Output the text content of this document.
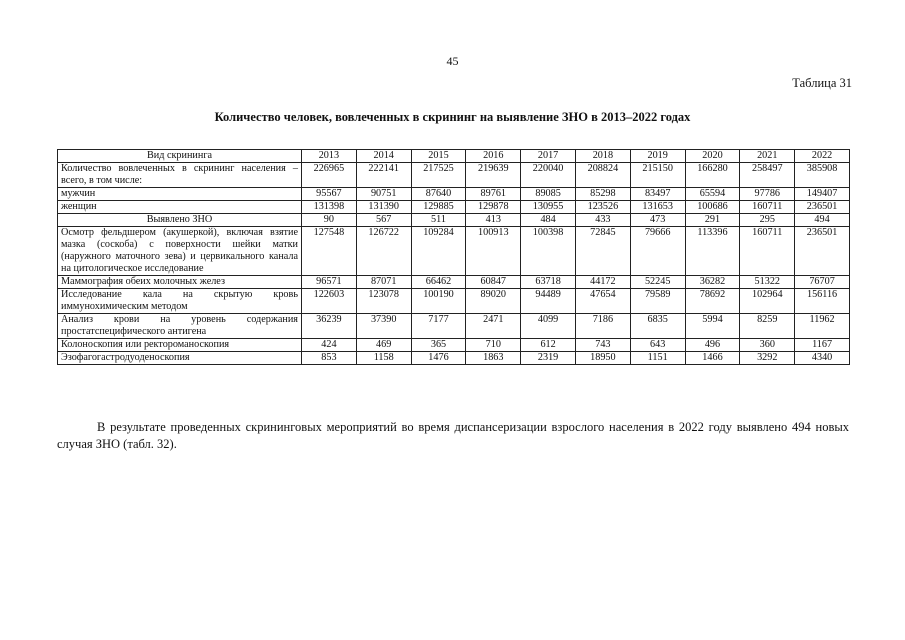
45
Таблица 31
Количество человек, вовлеченных в скрининг на выявление ЗНО в 2013–2022 годах
Вид скрининга	2013	2014	2015	2016	2017	2018	2019	2020	2021	2022
Количество вовлеченных в скрининг населения – всего, в том числе:	226965	222141	217525	219639	220040	208824	215150	166280	258497	385908
мужчин	95567	90751	87640	89761	89085	85298	83497	65594	97786	149407
женщин	131398	131390	129885	129878	130955	123526	131653	100686	160711	236501
Выявлено ЗНО	90	567	511	413	484	433	473	291	295	494
Осмотр фельдшером (акушеркой), включая взятие мазка (соскоба) с поверхности шейки матки (наружного маточного зева) и цервикального канала на цитологическое исследование	127548	126722	109284	100913	100398	72845	79666	113396	160711	236501
Маммография обеих молочных желез	96571	87071	66462	60847	63718	44172	52245	36282	51322	76707
Исследование кала на скрытую кровь иммунохимическим методом	122603	123078	100190	89020	94489	47654	79589	78692	102964	156116
Анализ крови на уровень содержания простатспецифического антигена	36239	37390	7177	2471	4099	7186	6835	5994	8259	11962
Колоноскопия или ректороманоскопия	424	469	365	710	612	743	643	496	360	1167
Эзофагогастродуоденоскопия	853	1158	1476	1863	2319	18950	1151	1466	3292	4340
В результате проведенных скрининговых мероприятий во время диспансеризации взрослого населения в 2022 году выявлено 494 новых случая ЗНО (табл. 32).
